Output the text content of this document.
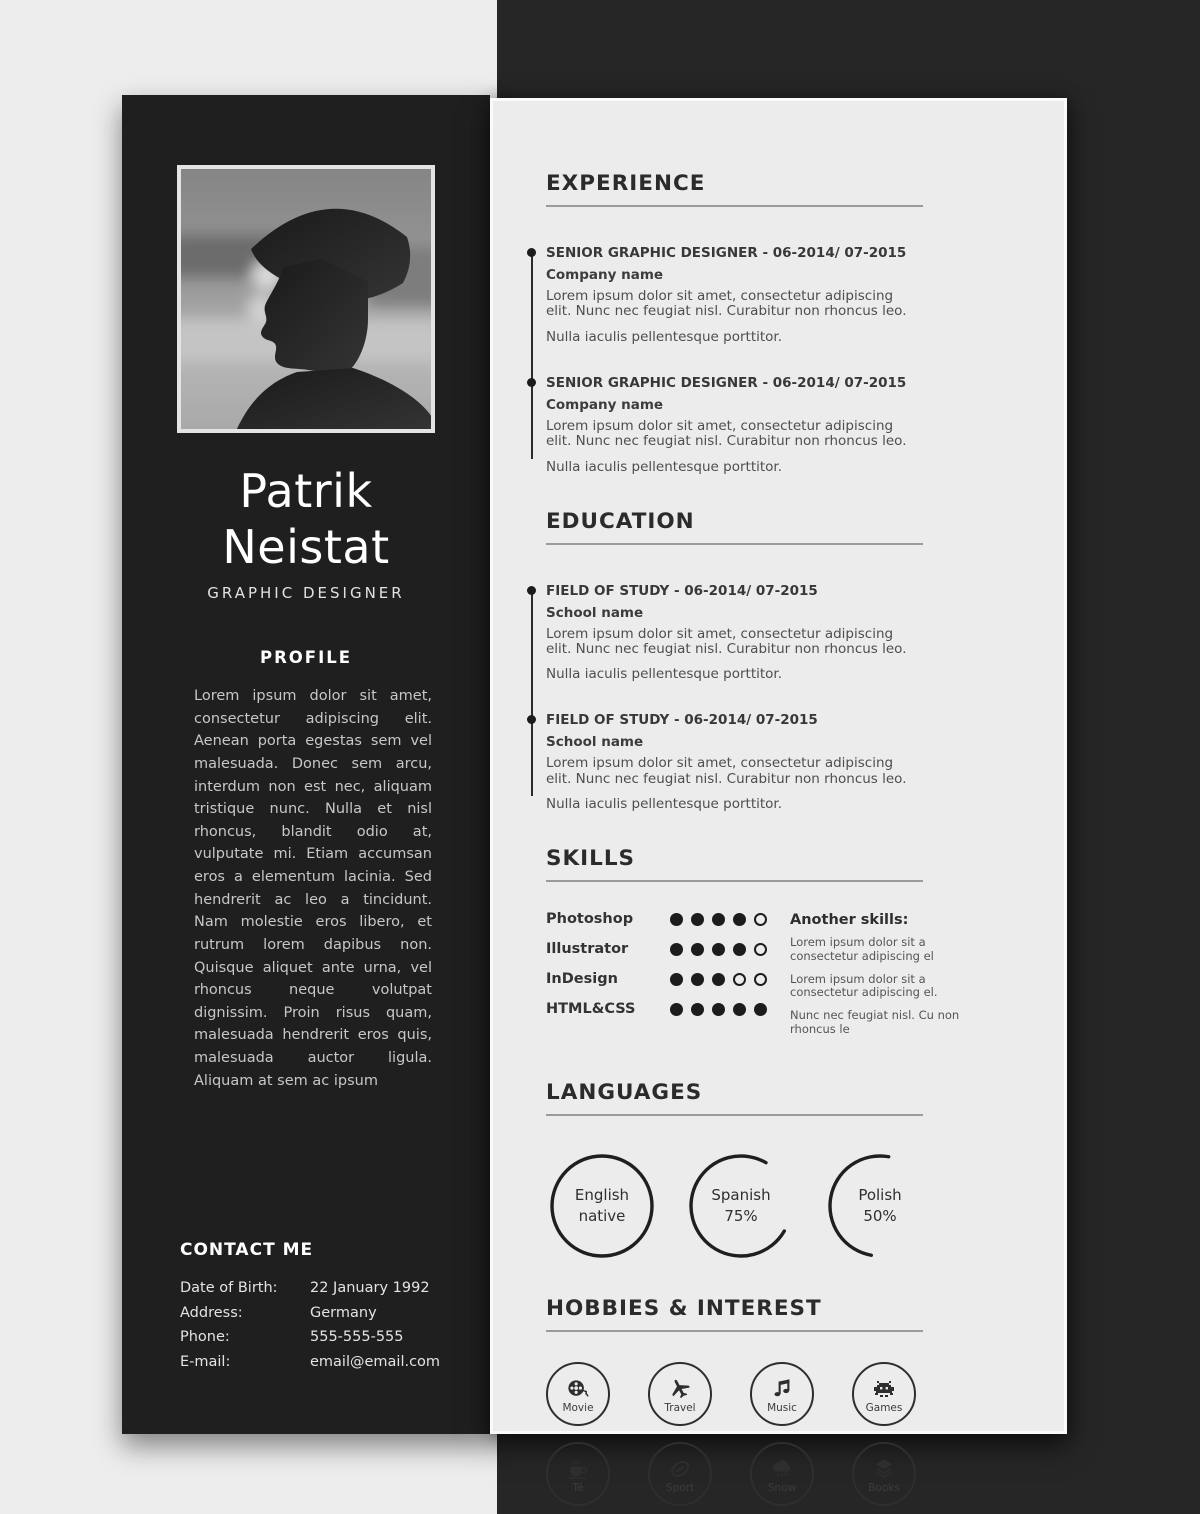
Patrik
Neistat
GRAPHIC DESIGNER
PROFILE

Lorem ipsum dolor sit amet, consectetur adipiscing elit. Aenean porta egestas sem vel malesuada. Donec sem arcu, interdum non est nec, aliquam tristique nunc. Nulla et nisl rhoncus, blandit odio at, vulputate mi. Etiam accumsan eros a elementum lacinia. Sed hendrerit ac leo a tincidunt. Nam molestie eros libero, et rutrum lorem dapibus non. Quisque aliquet ante urna, vel rhoncus neque volutpat dignissim. Proin risus quam, malesuada hendrerit eros quis, malesuada auctor ligula. Aliquam at sem ac ipsum

CONTACT ME
Date of Birth:	22 January 1992
Address:	Germany
Phone:	555-555-555
E-mail:	email@email.com
EXPERIENCE
SENIOR GRAPHIC DESIGNER - 06-2014/ 07-2015
Company name

Lorem ipsum dolor sit amet, consectetur adipiscing elit. Nunc nec feugiat nisl. Curabitur non rhoncus leo.

Nulla iaculis pellentesque porttitor.

SENIOR GRAPHIC DESIGNER - 06-2014/ 07-2015
Company name

Lorem ipsum dolor sit amet, consectetur adipiscing elit. Nunc nec feugiat nisl. Curabitur non rhoncus leo.

Nulla iaculis pellentesque porttitor.

EDUCATION
FIELD OF STUDY - 06-2014/ 07-2015
School name

Lorem ipsum dolor sit amet, consectetur adipiscing elit. Nunc nec feugiat nisl. Curabitur non rhoncus leo.

Nulla iaculis pellentesque porttitor.

FIELD OF STUDY - 06-2014/ 07-2015
School name

Lorem ipsum dolor sit amet, consectetur adipiscing elit. Nunc nec feugiat nisl. Curabitur non rhoncus leo.

Nulla iaculis pellentesque porttitor.

SKILLS
Photoshop
Illustrator
InDesign
HTML&CSS
Another skills:

Lorem ipsum dolor sit a consectetur adipiscing el

Lorem ipsum dolor sit a consectetur adipiscing el.

Nunc nec feugiat nisl. Cu non rhoncus le

LANGUAGES
English
native
Spanish
75%
Polish
50%
HOBBIES & INTEREST
Movie	Travel	Music	Games
Té	Sport	Snow	Books
